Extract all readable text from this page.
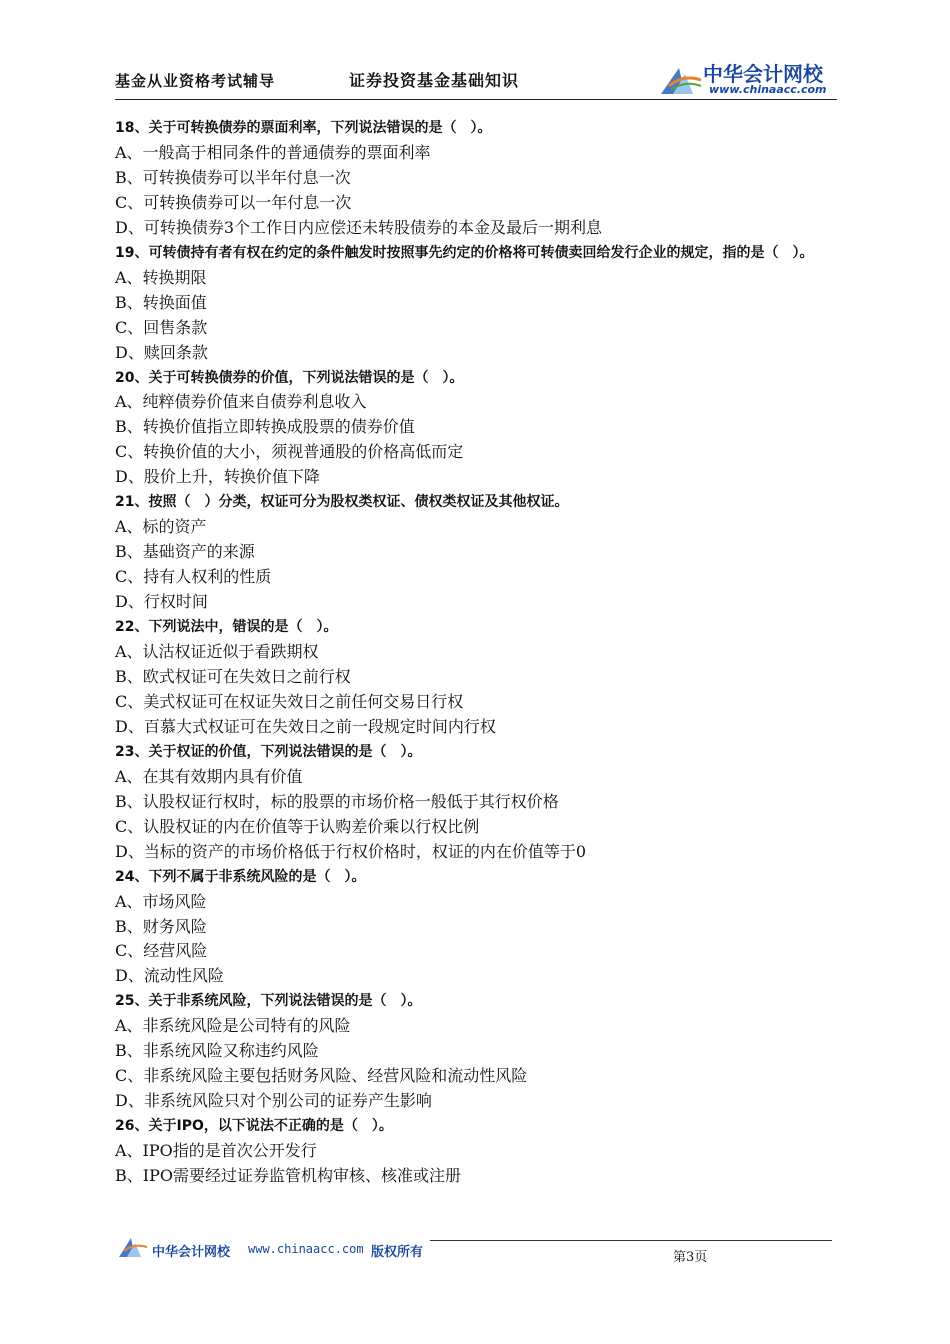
基金从业资格考试辅导	证券投资基金基础知识	中华会计网校
www.chinaacc.com
18、关于可转换债券的票面利率，下列说法错误的是（　）。
A、一般高于相同条件的普通债券的票面利率
B、可转换债券可以半年付息一次
C、可转换债券可以一年付息一次
D、可转换债券3个工作日内应偿还未转股债券的本金及最后一期利息
19、可转债持有者有权在约定的条件触发时按照事先约定的价格将可转债卖回给发行企业的规定，指的是（　）。
A、转换期限
B、转换面值
C、回售条款
D、赎回条款
20、关于可转换债券的价值，下列说法错误的是（　）。
A、纯粹债券价值来自债券利息收入
B、转换价值指立即转换成股票的债券价值
C、转换价值的大小，须视普通股的价格高低而定
D、股价上升，转换价值下降
21、按照（　）分类，权证可分为股权类权证、债权类权证及其他权证。
A、标的资产
B、基础资产的来源
C、持有人权利的性质
D、行权时间
22、下列说法中，错误的是（　）。
A、认沽权证近似于看跌期权
B、欧式权证可在失效日之前行权
C、美式权证可在权证失效日之前任何交易日行权
D、百慕大式权证可在失效日之前一段规定时间内行权
23、关于权证的价值，下列说法错误的是（　）。
A、在其有效期内具有价值
B、认股权证行权时，标的股票的市场价格一般低于其行权价格
C、认股权证的内在价值等于认购差价乘以行权比例
D、当标的资产的市场价格低于行权价格时，权证的内在价值等于0
24、下列不属于非系统风险的是（　）。
A、市场风险
B、财务风险
C、经营风险
D、流动性风险
25、关于非系统风险，下列说法错误的是（　）。
A、非系统风险是公司特有的风险
B、非系统风险又称违约风险
C、非系统风险主要包括财务风险、经营风险和流动性风险
D、非系统风险只对个别公司的证券产生影响
26、关于IPO，以下说法不正确的是（　）。
A、IPO指的是首次公开发行
B、IPO需要经过证券监管机构审核、核准或注册
中华会计网校 www.chinaacc.com 版权所有	第3页
